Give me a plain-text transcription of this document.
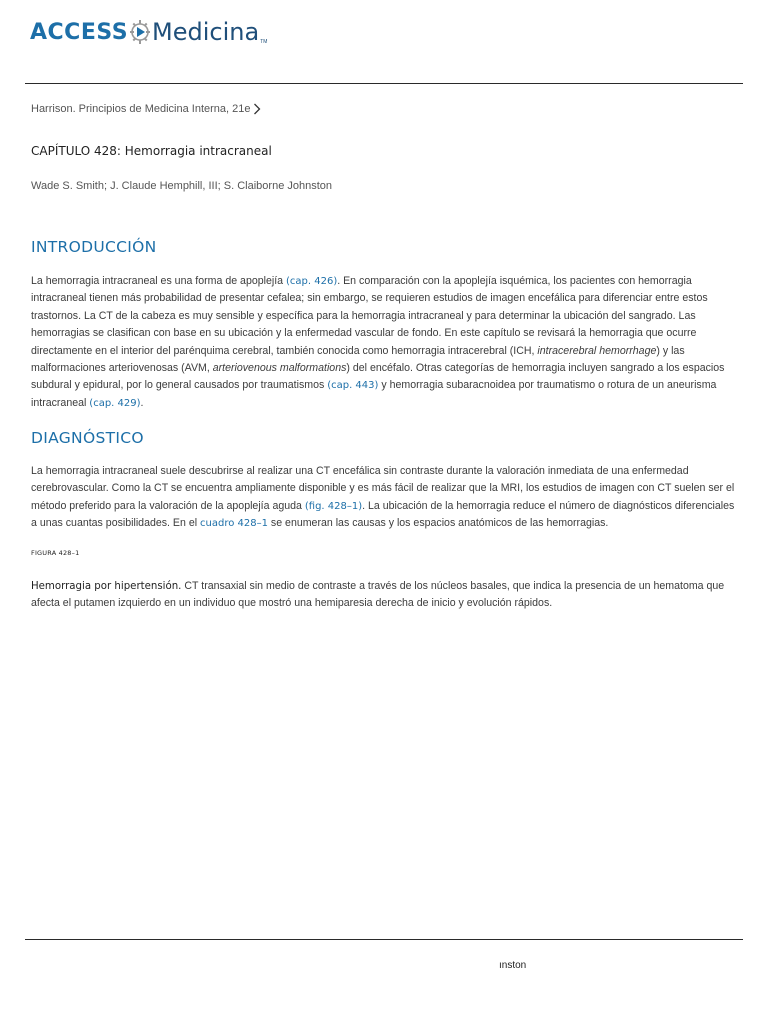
ACCESS Medicina TM
Harrison. Principios de Medicina Interna, 21e
CAPÍTULO 428: Hemorragia intracraneal
Wade S. Smith; J. Claude Hemphill, III; S. Claiborne Johnston
INTRODUCCIÓN
La hemorragia intracraneal es una forma de apoplejía (cap. 426). En comparación con la apoplejía isquémica, los pacientes con hemorragia
intracraneal tienen más probabilidad de presentar cefalea; sin embargo, se requieren estudios de imagen encefálica para diferenciar entre estos
trastornos. La CT de la cabeza es muy sensible y específica para la hemorragia intracraneal y para determinar la ubicación del sangrado. Las
hemorragias se clasifican con base en su ubicación y la enfermedad vascular de fondo. En este capítulo se revisará la hemorragia que ocurre
directamente en el interior del parénquima cerebral, también conocida como hemorragia intracerebral (ICH, intracerebral hemorrhage) y las
malformaciones arteriovenosas (AVM, arteriovenous malformations) del encéfalo. Otras categorías de hemorragia incluyen sangrado a los espacios
subdural y epidural, por lo general causados por traumatismos (cap. 443) y hemorragia subaracnoidea por traumatismo o rotura de un aneurisma
intracraneal (cap. 429).
DIAGNÓSTICO
La hemorragia intracraneal suele descubrirse al realizar una CT encefálica sin contraste durante la valoración inmediata de una enfermedad
cerebrovascular. Como la CT se encuentra ampliamente disponible y es más fácil de realizar que la MRI, los estudios de imagen con CT suelen ser el
método preferido para la valoración de la apoplejía aguda (fig. 428–1). La ubicación de la hemorragia reduce el número de diagnósticos diferenciales
a unas cuantas posibilidades. En el cuadro 428–1 se enumeran las causas y los espacios anatómicos de las hemorragias.
FIGURA 428–1
Hemorragia por hipertensión. CT transaxial sin medio de contraste a través de los núcleos basales, que indica la presencia de un hematoma que
afecta el putamen izquierdo en un individuo que mostró una hemiparesia derecha de inicio y evolución rápidos.
ınston
